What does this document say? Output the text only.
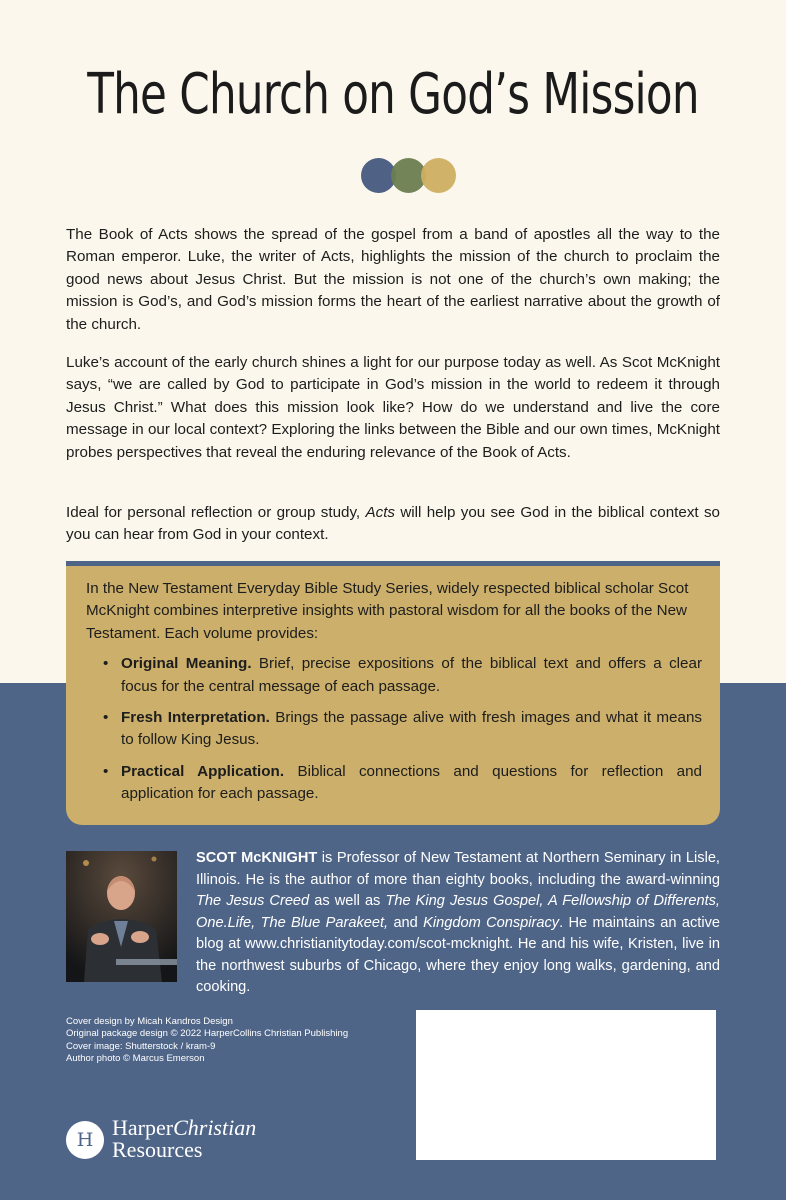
The Church on God’s Mission

The Book of Acts shows the spread of the gospel from a band of apostles all the way to the Roman emperor. Luke, the writer of Acts, highlights the mission of the church to proclaim the good news about Jesus Christ. But the mission is not one of the church’s own making; the mission is God’s, and God’s mission forms the heart of the earliest narrative about the growth of the church.

Luke’s account of the early church shines a light for our purpose today as well. As Scot McKnight says, “we are called by God to participate in God’s mission in the world to redeem it through Jesus Christ.” What does this mission look like? How do we understand and live the core message in our local context? Exploring the links between the Bible and our own times, McKnight probes perspectives that reveal the enduring relevance of the Book of Acts.

Ideal for personal reflection or group study, Acts will help you see God in the biblical context so you can hear from God in your context.

In the New Testament Everyday Bible Study Series, widely respected biblical scholar Scot McKnight combines interpretive insights with pastoral wisdom for all the books of the New Testament. Each volume provides:

• Original Meaning. Brief, precise expositions of the biblical text and offers a clear focus for the central message of each passage.
• Fresh Interpretation. Brings the passage alive with fresh images and what it means to follow King Jesus.
• Practical Application. Biblical connections and questions for reflection and application for each passage.

SCOT McKNIGHT is Professor of New Testament at Northern Seminary in Lisle, Illinois. He is the author of more than eighty books, including the award-winning The Jesus Creed as well as The King Jesus Gospel, A Fellowship of Differents, One.Life, The Blue Parakeet, and Kingdom Conspiracy. He maintains an active blog at www.christianitytoday.com/scot-mcknight. He and his wife, Kristen, live in the northwest suburbs of Chicago, where they enjoy long walks, gardening, and cooking.

Cover design by Micah Kandros Design
Original package design © 2022 HarperCollins Christian Publishing
Cover image: Shutterstock / kram-9
Author photo © Marcus Emerson
H HarperChristian
Resources
